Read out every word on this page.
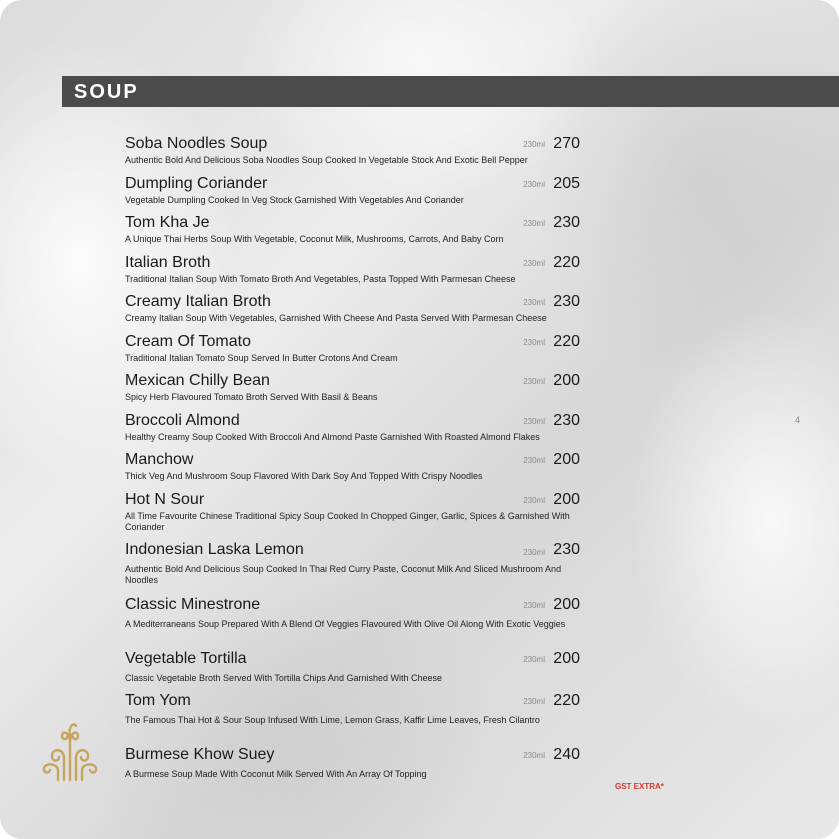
SOUP
Soba Noodles Soup	230ml 270
Authentic Bold And Delicious Soba Noodles Soup Cooked In Vegetable Stock And Exotic Bell Pepper
Dumpling Coriander	230ml 205
Vegetable Dumpling Cooked In Veg Stock Garnished With Vegetables And Coriander
Tom Kha Je	230ml 230
A Unique Thai Herbs Soup With Vegetable, Coconut Milk, Mushrooms, Carrots, And Baby Corn
Italian Broth	230ml 220
Traditional Italian Soup With Tomato Broth And Vegetables, Pasta Topped With Parmesan Cheese
Creamy Italian Broth	230ml 230
Creamy Italian Soup With Vegetables, Garnished With Cheese And Pasta Served With Parmesan Cheese
Cream Of Tomato	230ml 220
Traditional Italian Tomato Soup Served In Butter Crotons And Cream
Mexican Chilly Bean	230ml 200
Spicy Herb Flavoured Tomato Broth Served With Basil & Beans
Broccoli Almond	230ml 230
Healthy Creamy Soup Cooked With Broccoli And Almond Paste Garnished With Roasted Almond Flakes
Manchow	230ml 200
Thick Veg And Mushroom Soup Flavored With Dark Soy And Topped With Crispy Noodles
Hot N Sour	230ml 200
All Time Favourite Chinese Traditional Spicy Soup Cooked In Chopped Ginger, Garlic, Spices & Garnished With Coriander
Indonesian Laska Lemon	230ml 230
Authentic Bold And Delicious Soup Cooked In Thai Red Curry Paste, Coconut Milk And Sliced Mushroom And Noodles
Classic Minestrone	230ml 200
A Mediterraneans Soup Prepared With A Blend Of Veggies Flavoured With Olive Oil Along With Exotic Veggies
Vegetable Tortilla	230ml 200
Classic Vegetable Broth Served With Tortilla Chips And Garnished With Cheese
Tom Yom	230ml 220
The Famous Thai Hot & Sour Soup Infused With Lime, Lemon Grass, Kaffir Lime Leaves, Fresh Cilantro
Burmese Khow Suey	230ml 240
A Burmese Soup Made With Coconut Milk Served With An Array Of Topping
4
GST EXTRA*
